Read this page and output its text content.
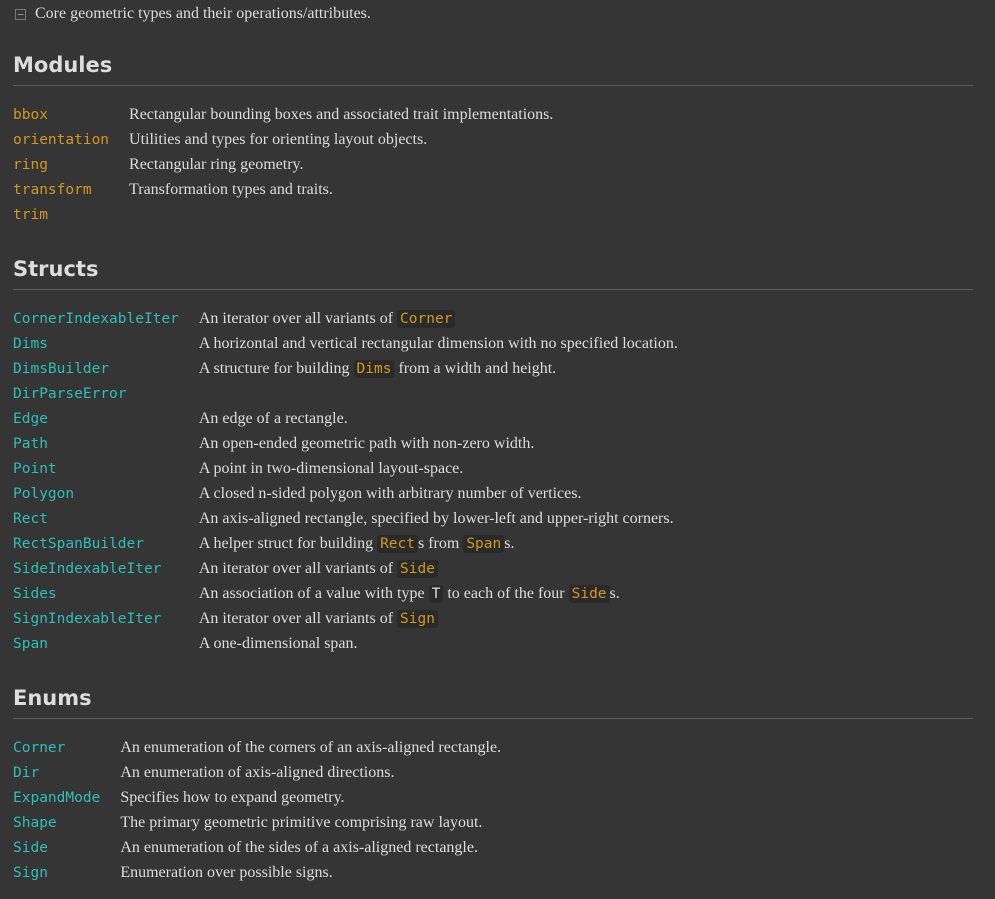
− Core geometric types and their operations/attributes.
Modules
bbox	Rectangular bounding boxes and associated trait implementations.
orientation	Utilities and types for orienting layout objects.
ring	Rectangular ring geometry.
transform	Transformation types and traits.
trim	
Structs
CornerIndexableIter	An iterator over all variants of Corner
Dims	A horizontal and vertical rectangular dimension with no specified location.
DimsBuilder	A structure for building Dims from a width and height.
DirParseError	
Edge	An edge of a rectangle.
Path	An open-ended geometric path with non-zero width.
Point	A point in two-dimensional layout-space.
Polygon	A closed n-sided polygon with arbitrary number of vertices.
Rect	An axis-aligned rectangle, specified by lower-left and upper-right corners.
RectSpanBuilder	A helper struct for building Rect s from Span s.
SideIndexableIter	An iterator over all variants of Side
Sides	An association of a value with type T to each of the four Side s.
SignIndexableIter	An iterator over all variants of Sign
Span	A one-dimensional span.
Enums
Corner	An enumeration of the corners of an axis-aligned rectangle.
Dir	An enumeration of axis-aligned directions.
ExpandMode	Specifies how to expand geometry.
Shape	The primary geometric primitive comprising raw layout.
Side	An enumeration of the sides of a axis-aligned rectangle.
Sign	Enumeration over possible signs.
